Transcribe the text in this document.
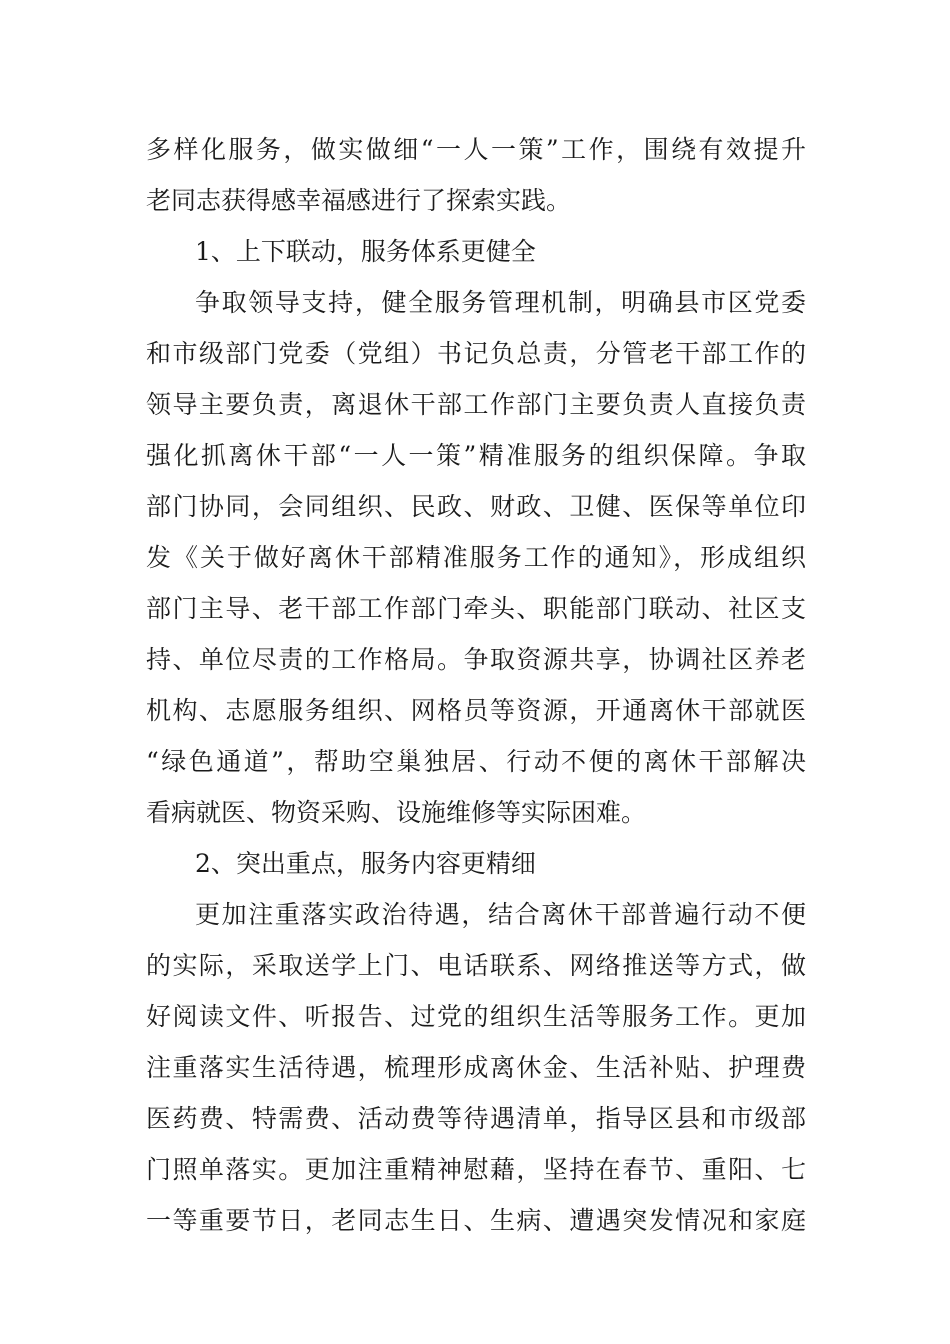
多样化服务，做实做细“一人一策”工作，围绕有效提升
老同志获得感幸福感进行了探索实践。
1、上下联动，服务体系更健全
争取领导支持，健全服务管理机制，明确县市区党委
和市级部门党委（党组）书记负总责，分管老干部工作的
领导主要负责，离退休干部工作部门主要负责人直接负责
强化抓离休干部“一人一策”精准服务的组织保障。争取
部门协同，会同组织、民政、财政、卫健、医保等单位印
发《关于做好离休干部精准服务工作的通知》，形成组织
部门主导、老干部工作部门牵头、职能部门联动、社区支
持、单位尽责的工作格局。争取资源共享，协调社区养老
机构、志愿服务组织、网格员等资源，开通离休干部就医
“绿色通道”，帮助空巢独居、行动不便的离休干部解决
看病就医、物资采购、设施维修等实际困难。
2、突出重点，服务内容更精细
更加注重落实政治待遇，结合离休干部普遍行动不便
的实际，采取送学上门、电话联系、网络推送等方式，做
好阅读文件、听报告、过党的组织生活等服务工作。更加
注重落实生活待遇，梳理形成离休金、生活补贴、护理费
医药费、特需费、活动费等待遇清单，指导区县和市级部
门照单落实。更加注重精神慰藉，坚持在春节、重阳、七
一等重要节日，老同志生日、生病、遭遇突发情况和家庭
